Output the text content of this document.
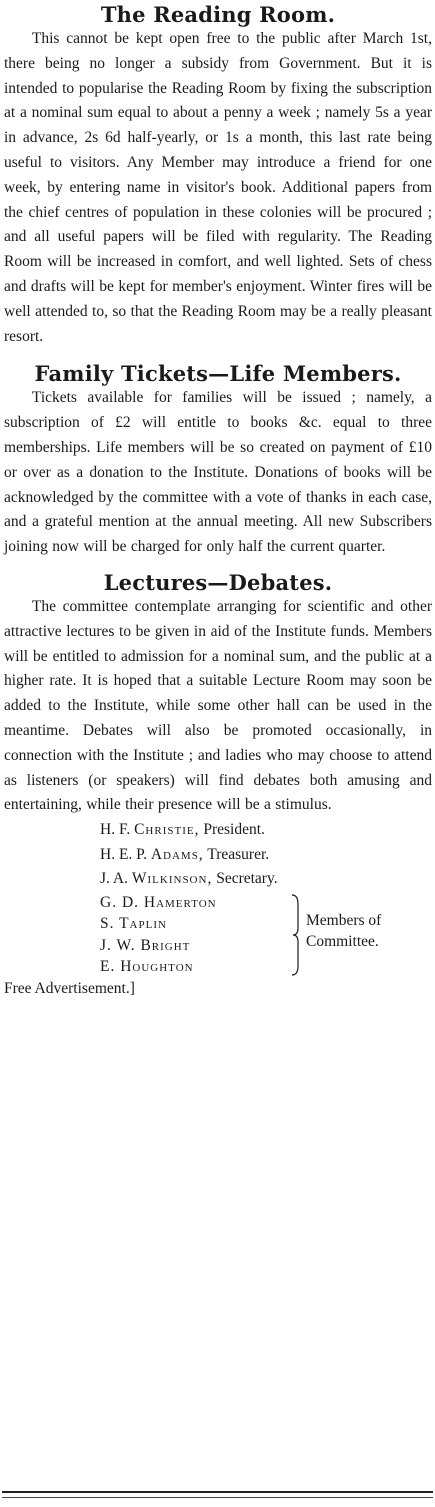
The Reading Room.

This cannot be kept open free to the public after March 1st, there being no longer a subsidy from Government. But it is intended to popularise the Reading Room by fixing the subscription at a nominal sum equal to about a penny a week ; namely 5s a year in advance, 2s 6d half-yearly, or 1s a month, this last rate being useful to visitors. Any Member may introduce a friend for one week, by entering name in visitor's book. Additional papers from the chief centres of population in these colonies will be procured ; and all useful papers will be filed with regularity. The Reading Room will be increased in comfort, and well lighted. Sets of chess and drafts will be kept for member's enjoyment. Winter fires will be well attended to, so that the Reading Room may be a really pleasant resort.

Family Tickets—Life Members.

Tickets available for families will be issued ; namely, a subscription of £2 will entitle to books &c. equal to three memberships. Life members will be so created on payment of £10 or over as a donation to the Institute. Donations of books will be acknowledged by the committee with a vote of thanks in each case, and a grateful mention at the annual meeting. All new Subscribers joining now will be charged for only half the current quarter.

Lectures—Debates.

The committee contemplate arranging for scientific and other attractive lectures to be given in aid of the Institute funds. Members will be entitled to admission for a nominal sum, and the public at a higher rate. It is hoped that a suitable Lecture Room may soon be added to the Institute, while some other hall can be used in the meantime. Debates will also be promoted occasionally, in connection with the Institute ; and ladies who may choose to attend as listeners (or speakers) will find debates both amusing and entertaining, while their presence will be a stimulus.

H. F. Christie, President.
H. E. P. Adams, Treasurer.
J. A. Wilkinson, Secretary.
G. D. Hamerton
S. Taplin
J. W. Bright
E. Houghton
Members of
Committee.
Free Advertisement.]
